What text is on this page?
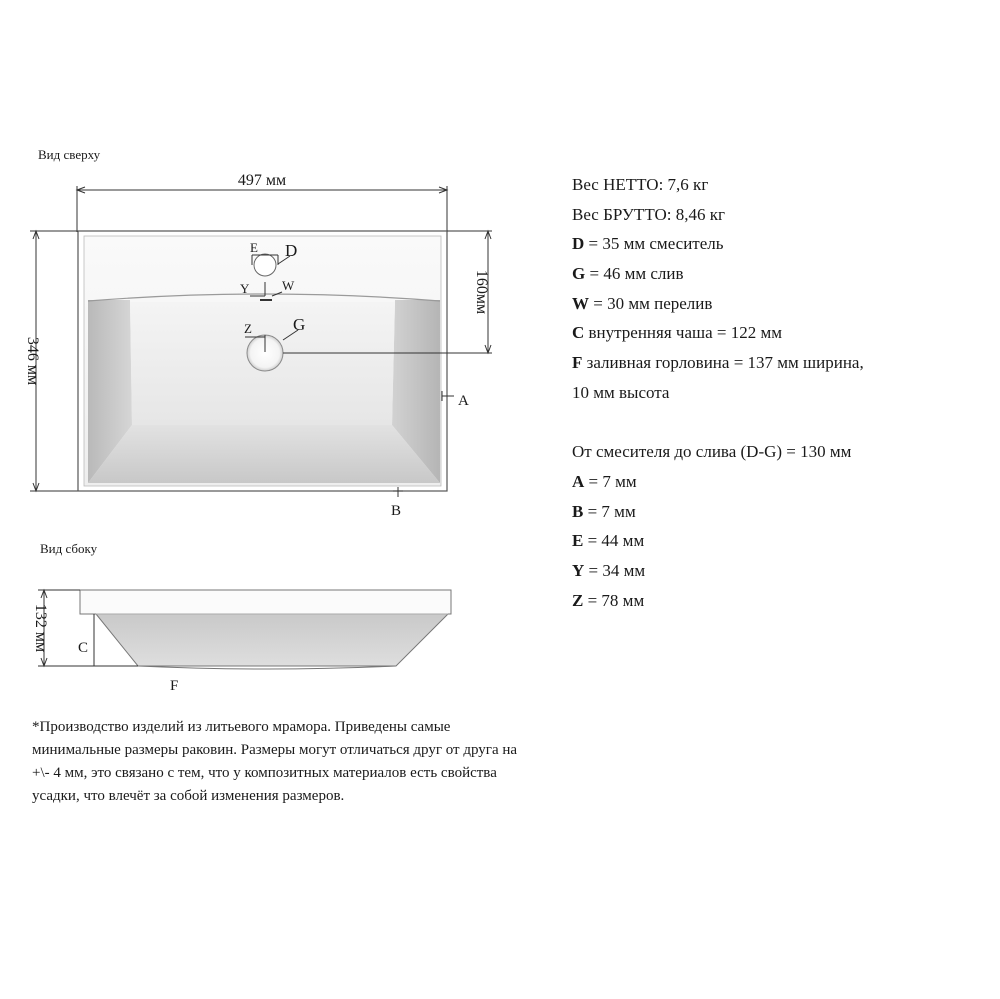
497 мм
346 мм
160мм
E D
Y	W
Z G
A
B
132 мм C
F
Вид сверху
Вид сбоку
Вес НЕТТО: 7,6 кг
Вес БРУТТО: 8,46 кг
D = 35 мм смеситель
G = 46 мм слив
W = 30 мм перелив
C внутренняя чаша = 122 мм
F заливная горловина = 137 мм ширина,
10 мм высота
От смесителя до слива (D-G) = 130 мм
A = 7 мм
B = 7 мм
E = 44 мм
Y = 34 мм
Z = 78 мм
*Производство изделий из литьевого мрамора. Приведены самые
минимальные размеры раковин. Размеры могут отличаться друг от друга на
+\- 4 мм, это связано с тем, что у композитных материалов есть свойства
усадки, что влечёт за собой изменения размеров.
